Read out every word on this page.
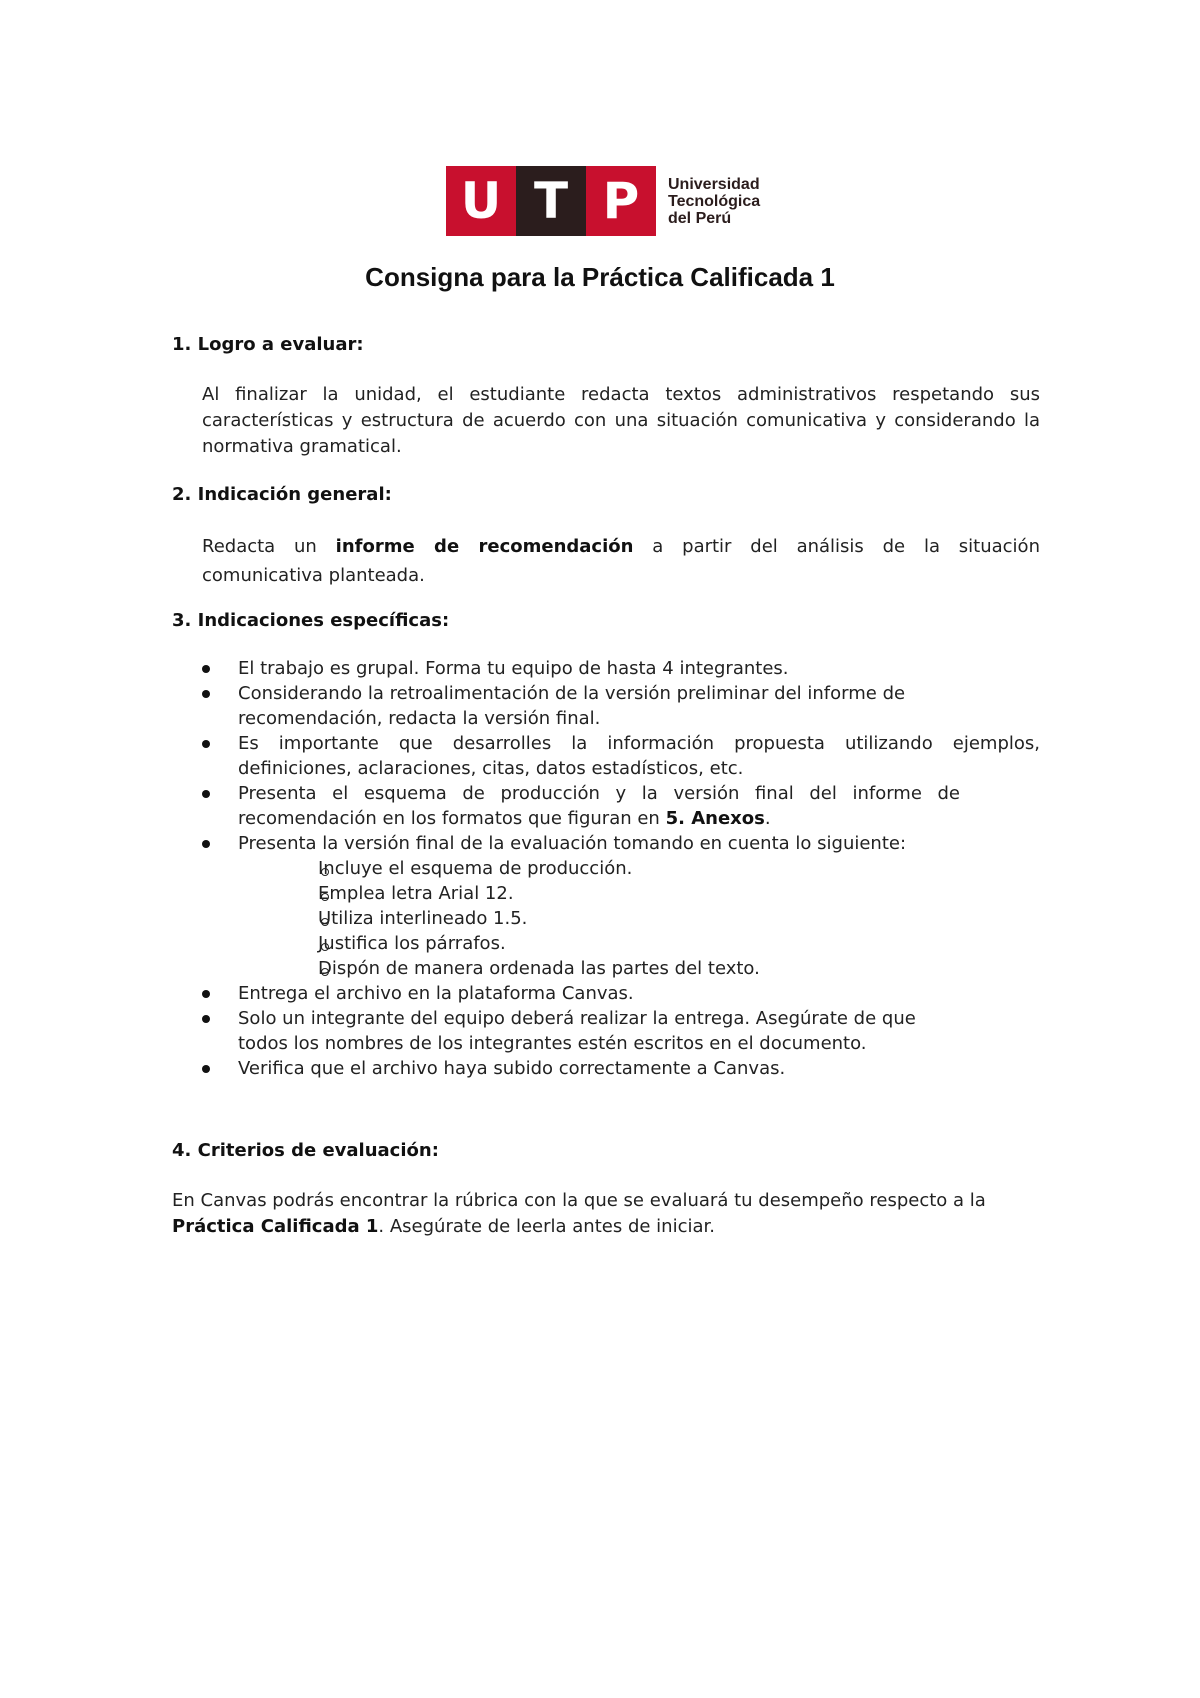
U T P	Universidad
Tecnológica
del Perú
Consigna para la Práctica Calificada 1
1. Logro a evaluar:
Al finalizar la unidad, el estudiante redacta textos administrativos respetando sus características y estructura de acuerdo con una situación comunicativa y considerando la normativa gramatical.
2. Indicación general:
Redacta un informe de recomendación a partir del análisis de la situación
comunicativa planteada.
3. Indicaciones específicas:
El trabajo es grupal. Forma tu equipo de hasta 4 integrantes.
Considerando la retroalimentación de la versión preliminar del informe de recomendación, redacta la versión final.
Es importante que desarrolles la información propuesta utilizando ejemplos, definiciones, aclaraciones, citas, datos estadísticos, etc.
Presenta el esquema de producción y la versión final del informe de recomendación en los formatos que figuran en 5. Anexos.
Presenta la versión final de la evaluación tomando en cuenta lo siguiente:
Incluye el esquema de producción.
Emplea letra Arial 12.
Utiliza interlineado 1.5.
Justifica los párrafos.
Dispón de manera ordenada las partes del texto.
Entrega el archivo en la plataforma Canvas.
Solo un integrante del equipo deberá realizar la entrega. Asegúrate de que todos los nombres de los integrantes estén escritos en el documento.
Verifica que el archivo haya subido correctamente a Canvas.
4. Criterios de evaluación:
En Canvas podrás encontrar la rúbrica con la que se evaluará tu desempeño respecto a la Práctica Calificada 1. Asegúrate de leerla antes de iniciar.
